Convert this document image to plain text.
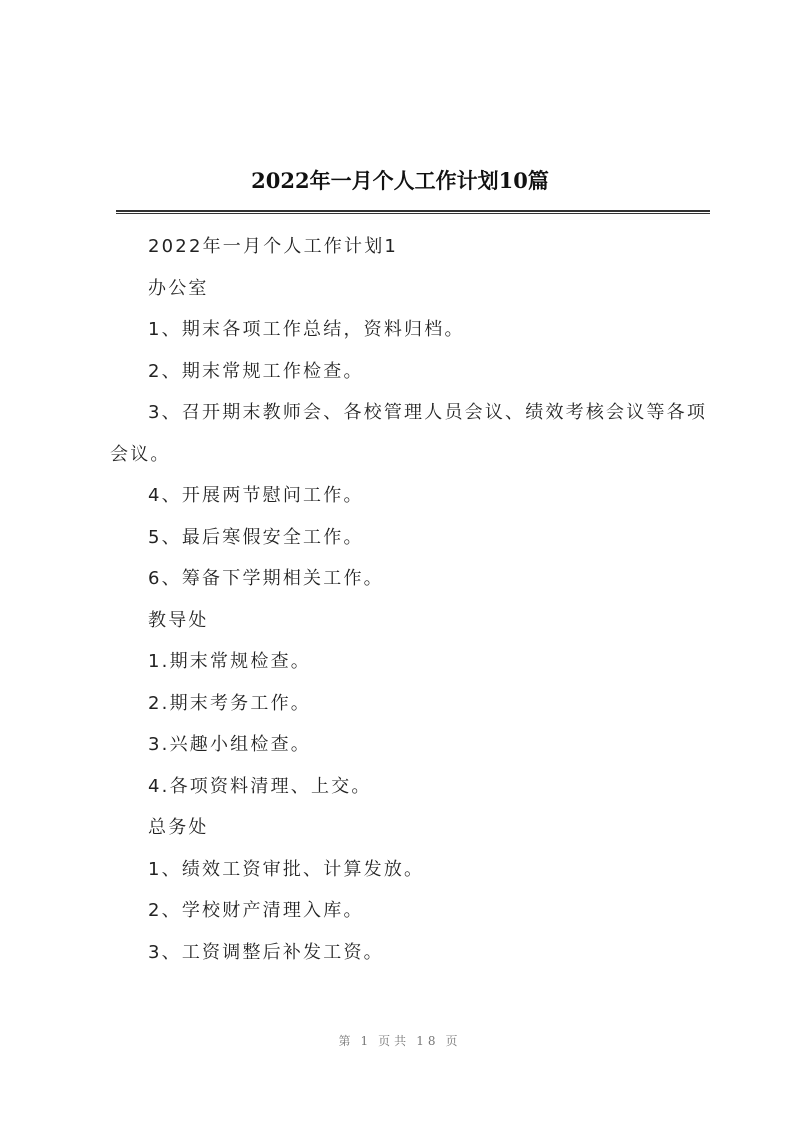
2022年一月个人工作计划10篇

2022年一月个人工作计划1

办公室

1、期末各项工作总结，资料归档。

2、期末常规工作检查。

3、召开期末教师会、各校管理人员会议、绩效考核会议等各项会议。

4、开展两节慰问工作。

5、最后寒假安全工作。

6、筹备下学期相关工作。

教导处

1.期末常规检查。

2.期末考务工作。

3.兴趣小组检查。

4.各项资料清理、上交。

总务处

1、绩效工资审批、计算发放。

2、学校财产清理入库。

3、工资调整后补发工资。

第 1 页共 18 页
